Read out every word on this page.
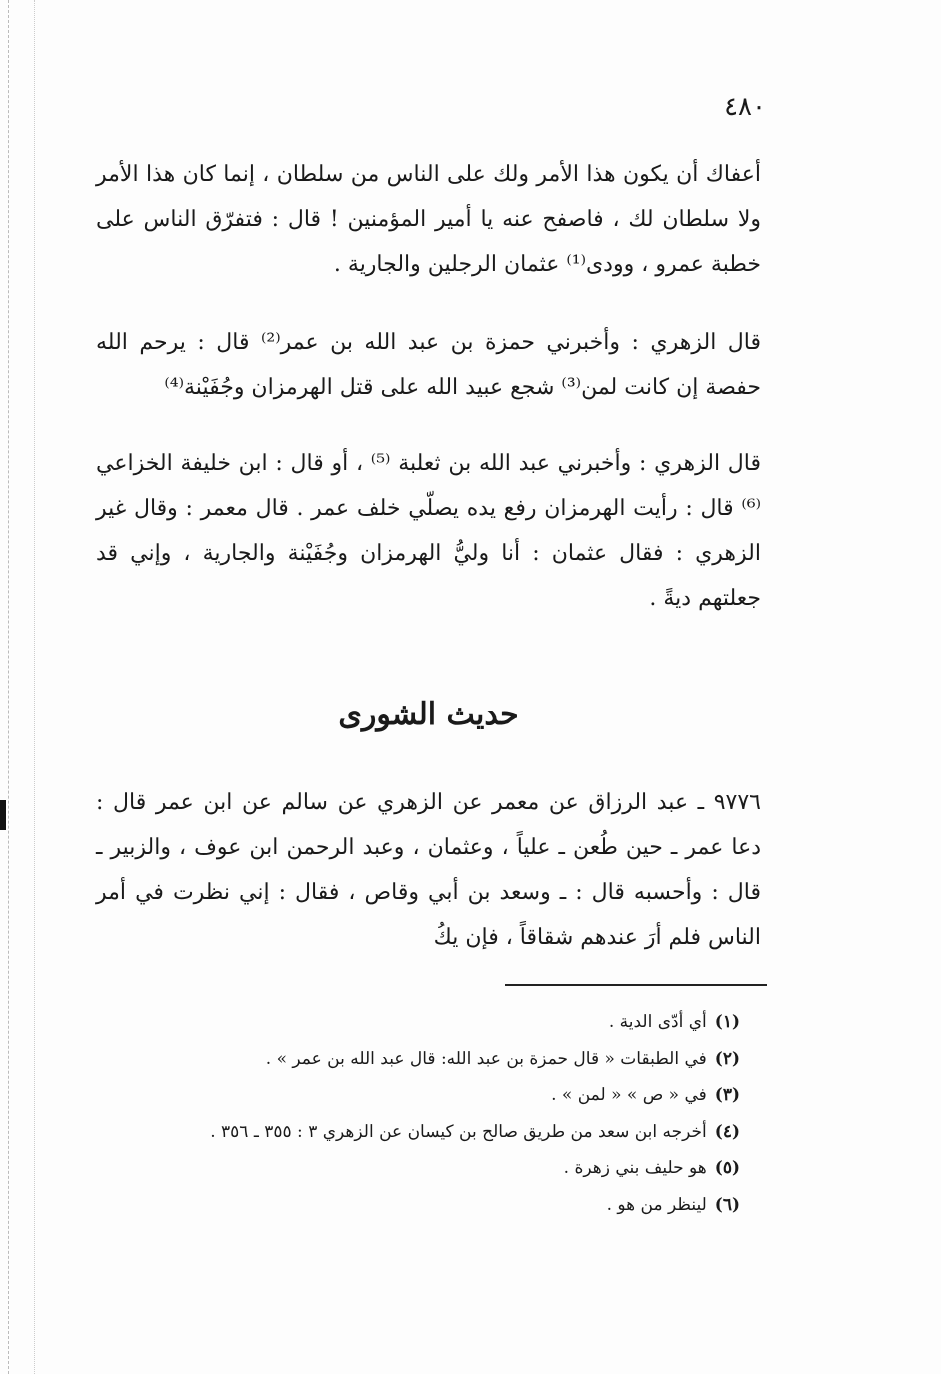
٤٨٠

أعفاك أن يكون هذا الأمر ولك على الناس من سلطان ، إنما كان هذا الأمر ولا سلطان لك ، فاصفح عنه يا أمير المؤمنين ! قال : فتفرّق الناس على خطبة عمرو ، وودى⁽¹⁾ عثمان الرجلين والجارية .

قال الزهري : وأخبرني حمزة بن عبد الله بن عمر⁽²⁾ قال : يرحم الله حفصة إن كانت لمن⁽³⁾ شجع عبيد الله على قتل الهرمزان وجُفَيْنة⁽⁴⁾

قال الزهري : وأخبرني عبد الله بن ثعلبة ⁽⁵⁾ ، أو قال : ابن خليفة الخزاعي ⁽⁶⁾ قال : رأيت الهرمزان رفع يده يصلّي خلف عمر . قال معمر : وقال غير الزهري : فقال عثمان : أنا وليُّ الهرمزان وجُفَيْنة والجارية ، وإني قد جعلتهم ديةً .

حديث الشورى

٩٧٧٦ ـ عبد الرزاق عن معمر عن الزهري عن سالم عن ابن عمر قال : دعا عمر ـ حين طُعن ـ علياً ، وعثمان ، وعبد الرحمن ابن عوف ، والزبير ـ قال : وأحسبه قال : ـ وسعد بن أبي وقاص ، فقال : إني نظرت في أمر الناس فلم أرَ عندهم شقاقاً ، فإن يكُ

(١)أي أدّى الدية .
(٢)في الطبقات « قال حمزة بن عبد الله: قال عبد الله بن عمر » .
(٣)في « ص » « لمن » .
(٤)أخرجه ابن سعد من طريق صالح بن كيسان عن الزهري ٣ : ٣٥٥ ـ ٣٥٦ .
(٥)هو حليف بني زهرة .
(٦)لينظر من هو .
